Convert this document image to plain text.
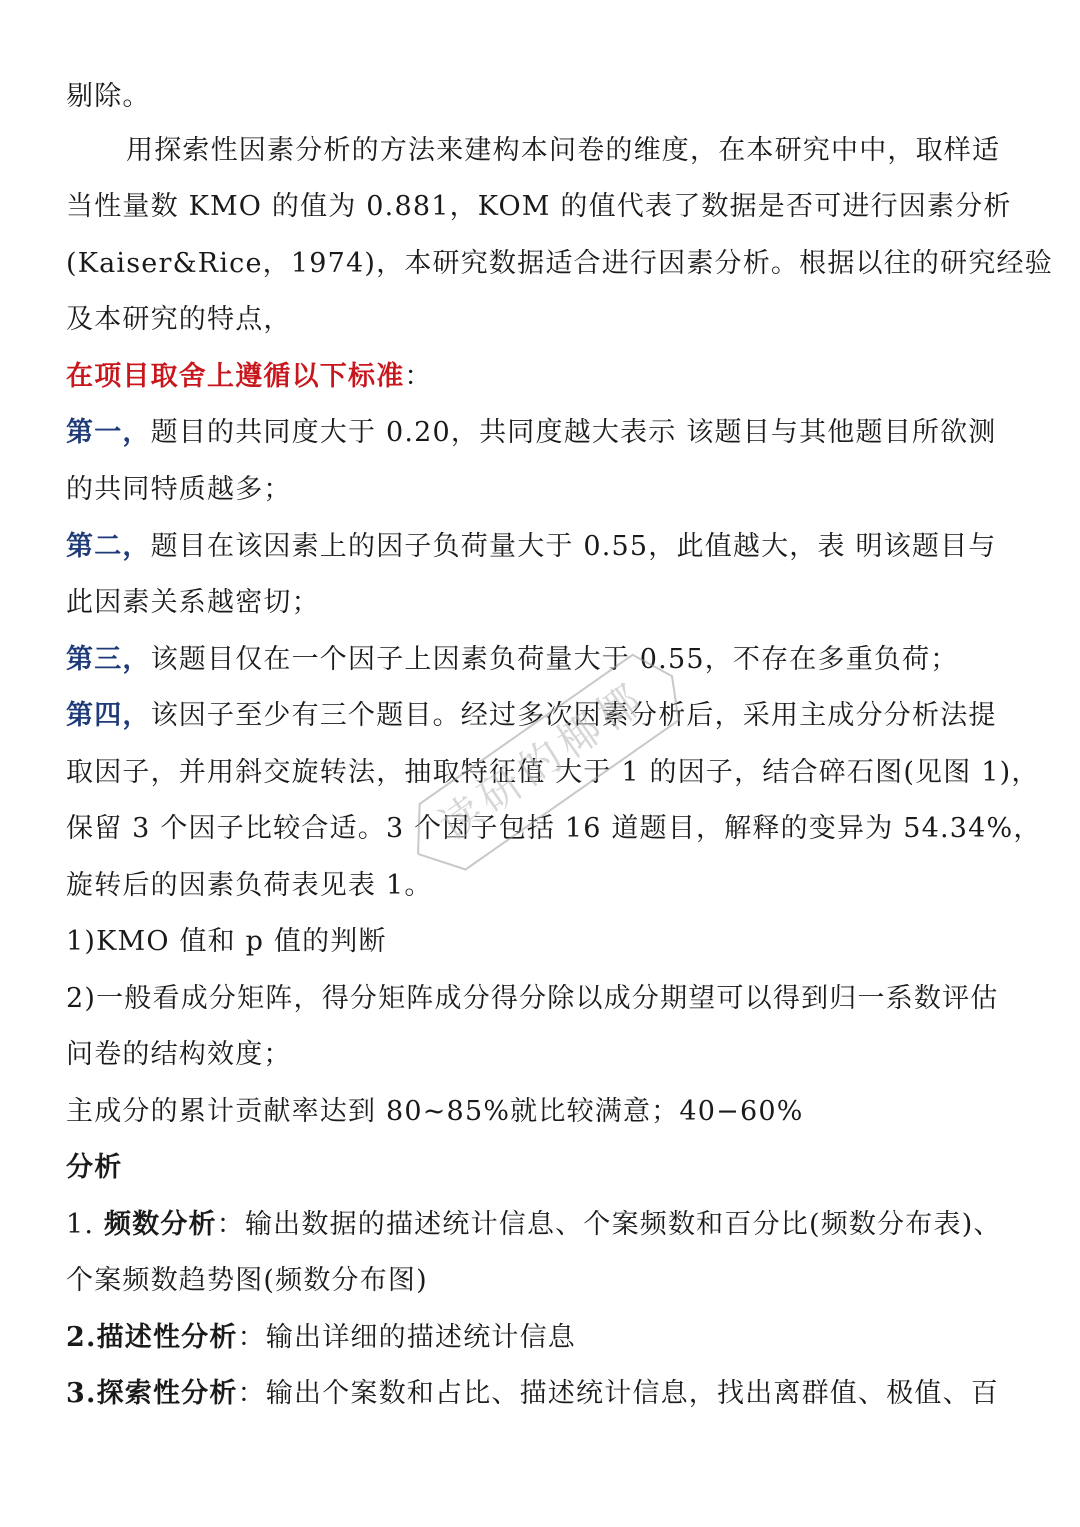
剔除。
用探索性因素分析的方法来建构本问卷的维度，在本研究中中，取样适
当性量数 KMO 的值为 0.881，KOM 的值代表了数据是否可进行因素分析
(Kaiser&Rice，1974)，本研究数据适合进行因素分析。根据以往的研究经验
及本研究的特点，
在项目取舍上遵循以下标准：
第一，题目的共同度大于 0.20，共同度越大表示 该题目与其他题目所欲测
的共同特质越多；
第二，题目在该因素上的因子负荷量大于 0.55，此值越大，表 明该题目与
此因素关系越密切；
第三，该题目仅在一个因子上因素负荷量大于 0.55，不存在多重负荷；
第四，该因子至少有三个题目。经过多次因素分析后，采用主成分分析法提
取因子，并用斜交旋转法，抽取特征值 大于 1 的因子，结合碎石图(见图 1)，
保留 3 个因子比较合适。3 个因子包括 16 道题目，解释的变异为 54.34%，
旋转后的因素负荷表见表 1。
1)KMO 值和 p 值的判断
2)一般看成分矩阵，得分矩阵成分得分除以成分期望可以得到归一系数评估
问卷的结构效度；
主成分的累计贡献率达到 80~85%就比较满意；40−60%
分析
1. 频数分析：输出数据的描述统计信息、个案频数和百分比(频数分布表)、
个案频数趋势图(频数分布图)
2.描述性分析：输出详细的描述统计信息
3.探索性分析：输出个案数和占比、描述统计信息，找出离群值、极值、百
读研的椰椰
